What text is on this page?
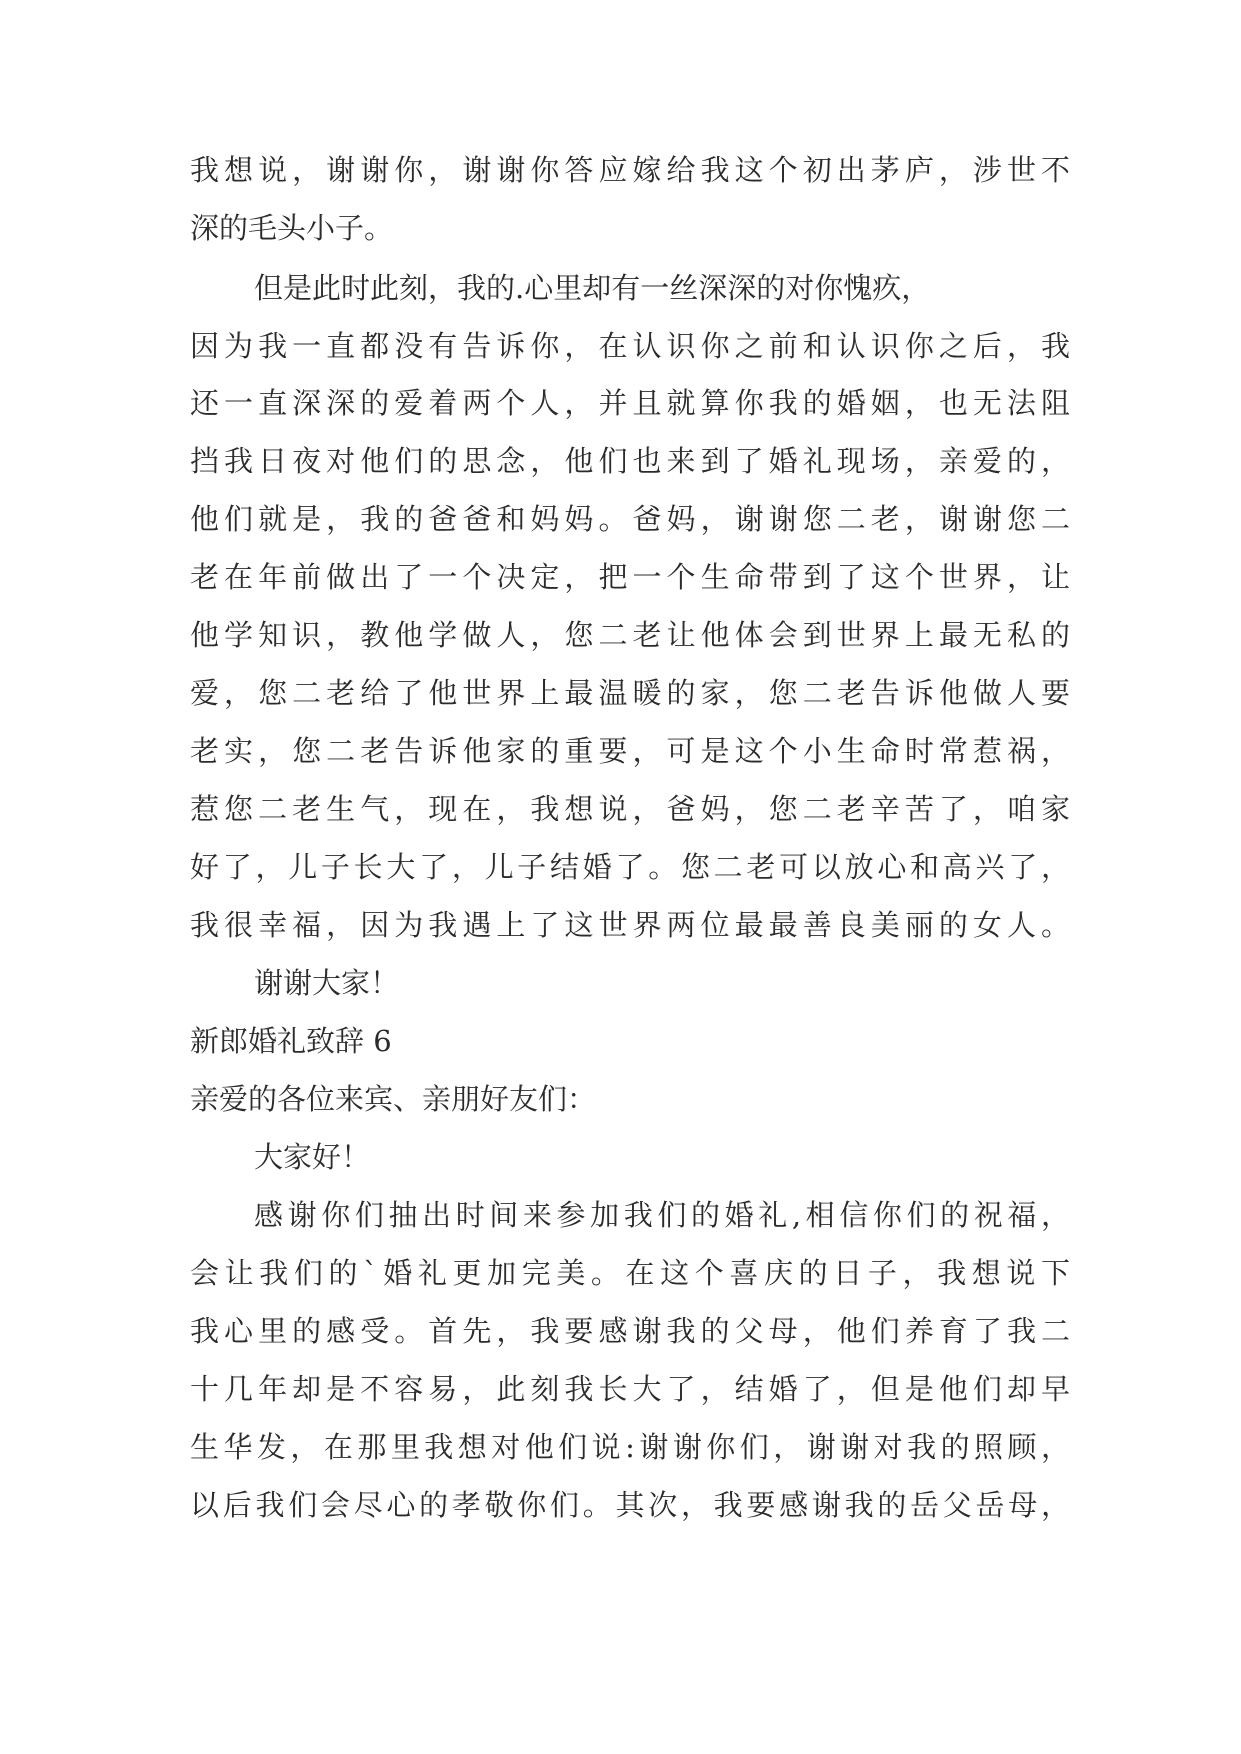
我想说，谢谢你，谢谢你答应嫁给我这个初出茅庐，涉世不
深的毛头小子。
但是此时此刻，我的.心里却有一丝深深的对你愧疚，
因为我一直都没有告诉你，在认识你之前和认识你之后，我
还一直深深的爱着两个人，并且就算你我的婚姻，也无法阻
挡我日夜对他们的思念，他们也来到了婚礼现场，亲爱的，
他们就是，我的爸爸和妈妈。爸妈，谢谢您二老，谢谢您二
老在年前做出了一个决定，把一个生命带到了这个世界，让
他学知识，教他学做人，您二老让他体会到世界上最无私的
爱，您二老给了他世界上最温暖的家，您二老告诉他做人要
老实，您二老告诉他家的重要，可是这个小生命时常惹祸，
惹您二老生气，现在，我想说，爸妈，您二老辛苦了，咱家
好了，儿子长大了，儿子结婚了。您二老可以放心和高兴了，
我很幸福，因为我遇上了这世界两位最最善良美丽的女人。
谢谢大家！
新郎婚礼致辞 6
亲爱的各位来宾、亲朋好友们：
大家好！
感谢你们抽出时间来参加我们的婚礼,相信你们的祝福，
会让我们的`婚礼更加完美。在这个喜庆的日子，我想说下
我心里的感受。首先，我要感谢我的父母，他们养育了我二
十几年却是不容易，此刻我长大了，结婚了，但是他们却早
生华发，在那里我想对他们说:谢谢你们，谢谢对我的照顾，
以后我们会尽心的孝敬你们。其次，我要感谢我的岳父岳母，
